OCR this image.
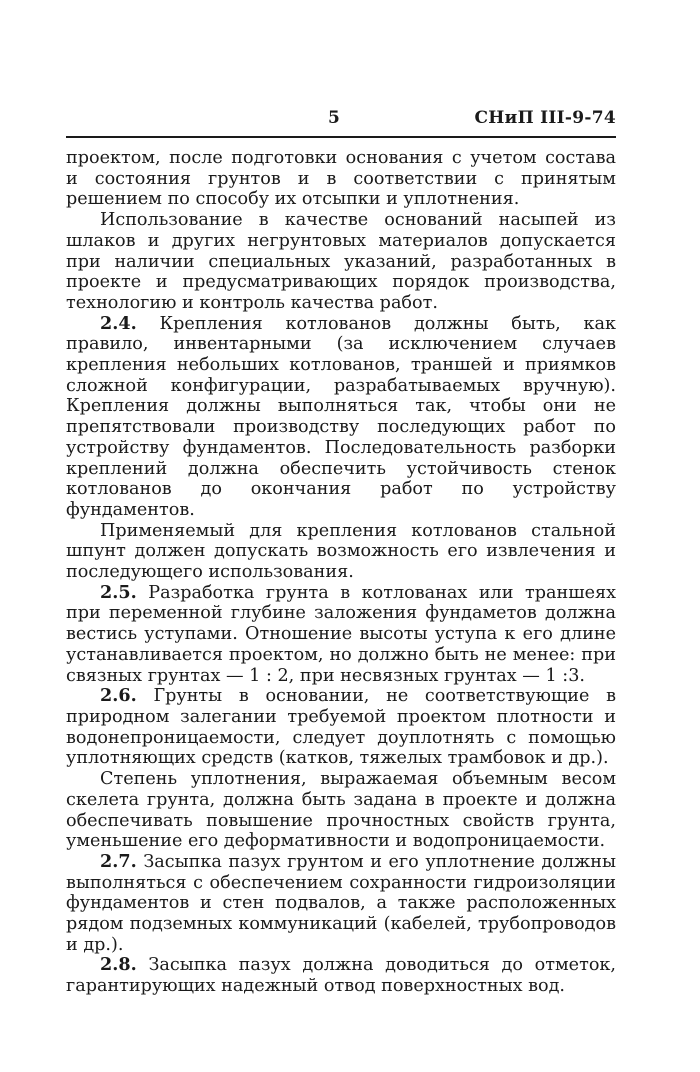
5	СНиП III-9-74

проектом, после подготовки основания с учетом состава и состояния грунтов и в соответствии с принятым решением по способу их отсыпки и уплотнения.

Использование в качестве оснований насыпей из шлаков и других негрунтовых материалов допускается при наличии специальных указаний, разработанных в проекте и предусматривающих порядок производства, технологию и контроль качества работ.

2.4. Крепления котлованов должны быть, как правило, инвентарными (за исключением случаев крепления небольших котлованов, траншей и приямков сложной конфигурации, разрабатываемых вручную). Крепления должны выполняться так, чтобы они не препятствовали производству последующих работ по устройству фундаментов. Последовательность разборки креплений должна обеспечить устойчивость стенок котлованов до окончания работ по устройству фундаментов.

Применяемый для крепления котлованов стальной шпунт должен допускать возможность его извлечения и последующего использования.

2.5. Разработка грунта в котлованах или траншеях при переменной глубине заложения фундаметов должна вестись уступами. Отношение высоты уступа к его длине устанавливается проектом, но должно быть не менее: при связных грунтах — 1 : 2, при несвязных грунтах — 1 :3.

2.6. Грунты в основании, не соответствующие в природном залегании требуемой проектом плотности и водонепроницаемости, следует доуплотнять с помощью уплотняющих средств (катков, тяжелых трамбовок и др.).

Степень уплотнения, выражаемая объемным весом скелета грунта, должна быть задана в проекте и должна обеспечивать повышение прочностных свойств грунта, уменьшение его деформативности и водопроницаемости.

2.7. Засыпка пазух грунтом и его уплотнение должны выполняться с обеспечением сохранности гидроизоляции фундаментов и стен подвалов, а также расположенных рядом подземных коммуникаций (кабелей, трубопроводов и др.).

2.8. Засыпка пазух должна доводиться до отметок, гарантирующих надежный отвод поверхностных вод.
